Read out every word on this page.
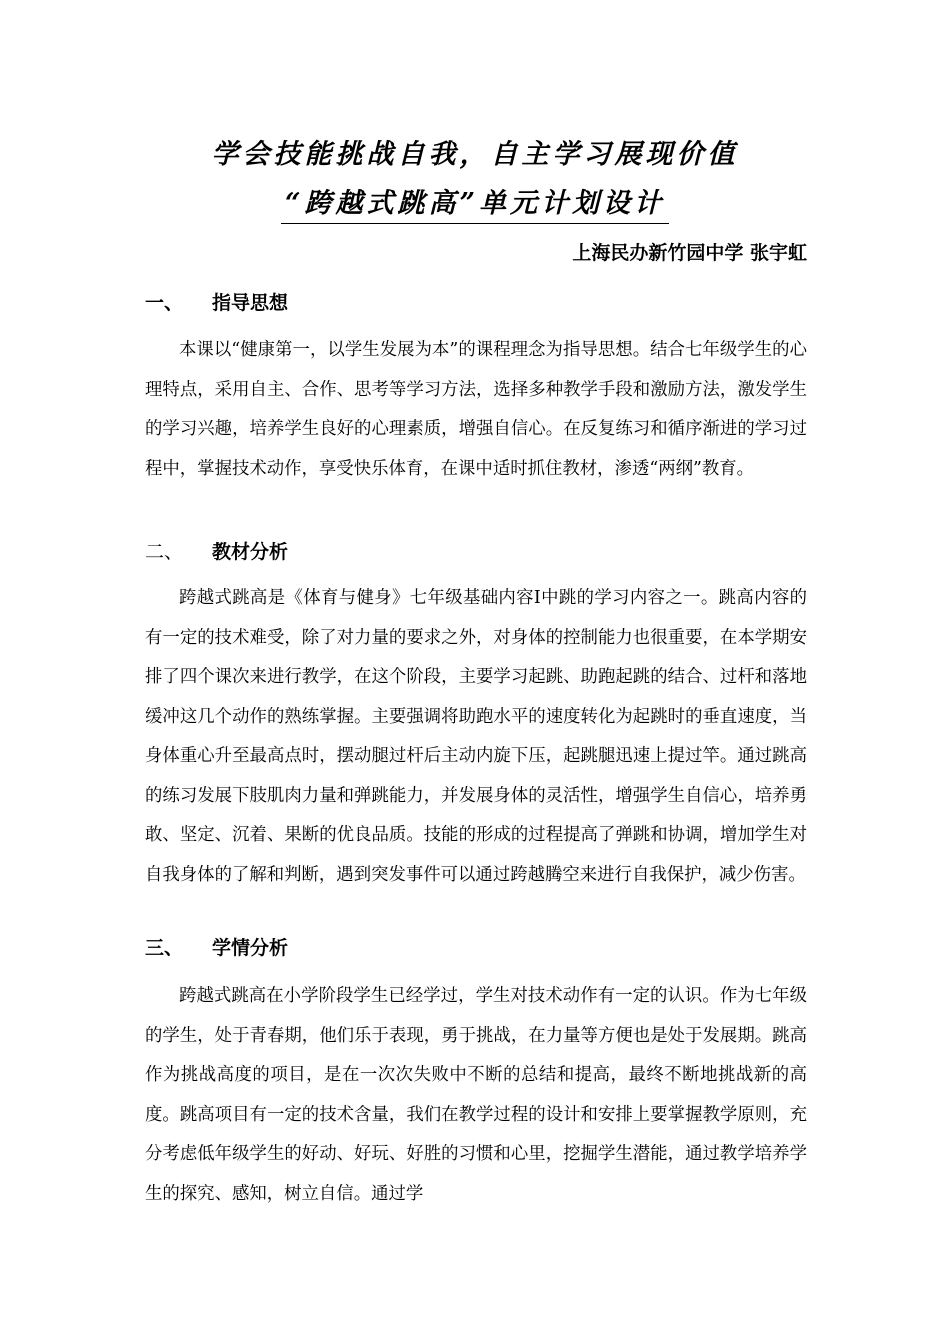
学会技能挑战自我，自主学习展现价值
“跨越式跳高”单元计划设计
上海民办新竹园中学 张宇虹
一、 指导思想

本课以“健康第一，以学生发展为本”的课程理念为指导思想。结合七年级学生的心理特点，采用自主、合作、思考等学习方法，选择多种教学手段和激励方法，激发学生的学习兴趣，培养学生良好的心理素质，增强自信心。在反复练习和循序渐进的学习过程中，掌握技术动作，享受快乐体育，在课中适时抓住教材，渗透“两纲”教育。

二、 教材分析

跨越式跳高是《体育与健身》七年级基础内容Ⅰ中跳的学习内容之一。跳高内容的有一定的技术难受，除了对力量的要求之外，对身体的控制能力也很重要，在本学期安排了四个课次来进行教学，在这个阶段，主要学习起跳、助跑起跳的结合、过杆和落地缓冲这几个动作的熟练掌握。主要强调将助跑水平的速度转化为起跳时的垂直速度，当身体重心升至最高点时，摆动腿过杆后主动内旋下压，起跳腿迅速上提过竿。通过跳高的练习发展下肢肌肉力量和弹跳能力，并发展身体的灵活性，增强学生自信心，培养勇敢、坚定、沉着、果断的优良品质。技能的形成的过程提高了弹跳和协调，增加学生对自我身体的了解和判断，遇到突发事件可以通过跨越腾空来进行自我保护，减少伤害。

三、 学情分析

跨越式跳高在小学阶段学生已经学过，学生对技术动作有一定的认识。作为七年级的学生，处于青春期，他们乐于表现，勇于挑战，在力量等方便也是处于发展期。跳高作为挑战高度的项目，是在一次次失败中不断的总结和提高，最终不断地挑战新的高度。跳高项目有一定的技术含量，我们在教学过程的设计和安排上要掌握教学原则，充分考虑低年级学生的好动、好玩、好胜的习惯和心里，挖掘学生潜能，通过教学培养学生的探究、感知，树立自信。通过学
